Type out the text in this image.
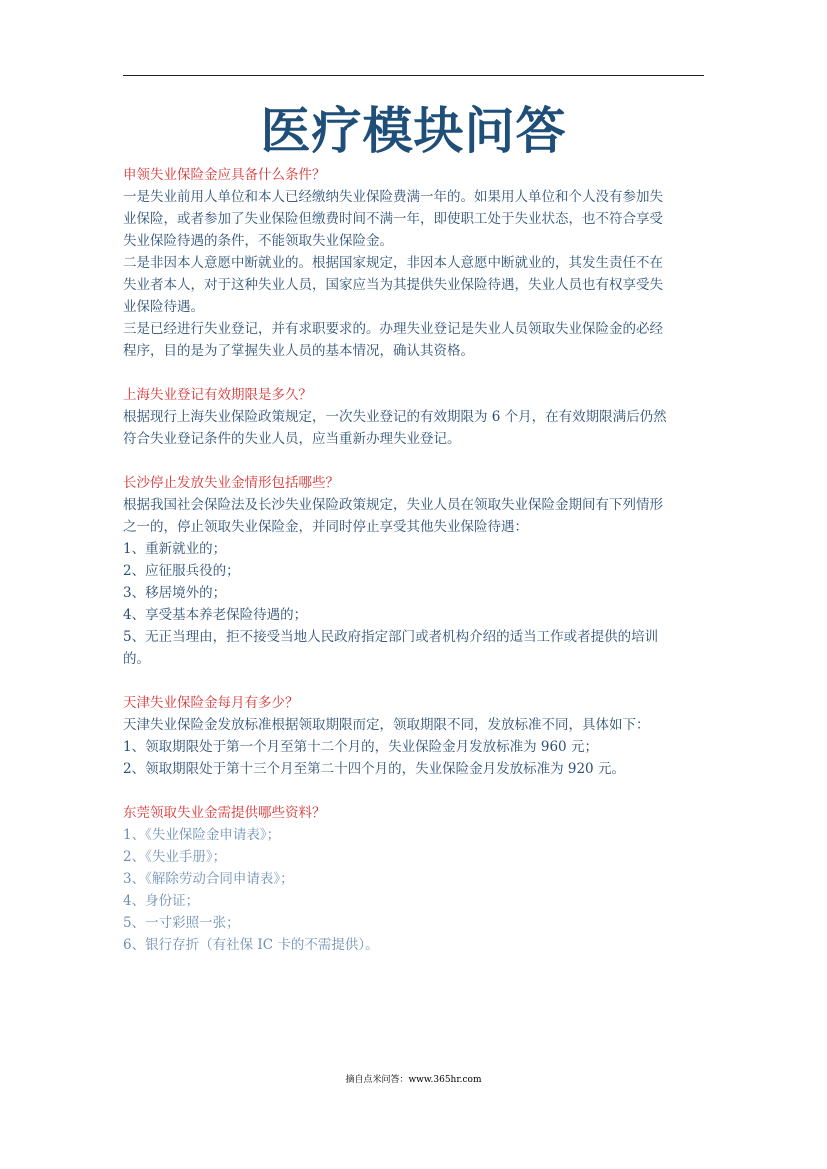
医疗模块问答
申领失业保险金应具备什么条件？
一是失业前用人单位和本人已经缴纳失业保险费满一年的。如果用人单位和个人没有参加失
业保险，或者参加了失业保险但缴费时间不满一年，即使职工处于失业状态，也不符合享受
失业保险待遇的条件，不能领取失业保险金。
二是非因本人意愿中断就业的。根据国家规定，非因本人意愿中断就业的，其发生责任不在
失业者本人，对于这种失业人员，国家应当为其提供失业保险待遇，失业人员也有权享受失
业保险待遇。
三是已经进行失业登记，并有求职要求的。办理失业登记是失业人员领取失业保险金的必经
程序，目的是为了掌握失业人员的基本情况，确认其资格。
上海失业登记有效期限是多久？
根据现行上海失业保险政策规定，一次失业登记的有效期限为 6 个月，在有效期限满后仍然
符合失业登记条件的失业人员，应当重新办理失业登记。
长沙停止发放失业金情形包括哪些？
根据我国社会保险法及长沙失业保险政策规定，失业人员在领取失业保险金期间有下列情形
之一的，停止领取失业保险金，并同时停止享受其他失业保险待遇：
1、重新就业的；
2、应征服兵役的；
3、移居境外的；
4、享受基本养老保险待遇的；
5、无正当理由，拒不接受当地人民政府指定部门或者机构介绍的适当工作或者提供的培训
的。
天津失业保险金每月有多少？
天津失业保险金发放标准根据领取期限而定，领取期限不同，发放标准不同，具体如下：
1、领取期限处于第一个月至第十二个月的，失业保险金月发放标准为 960 元；
2、领取期限处于第十三个月至第二十四个月的，失业保险金月发放标准为 920 元。
东莞领取失业金需提供哪些资料？
1、《失业保险金申请表》；
2、《失业手册》；
3、《解除劳动合同申请表》；
4、身份证；
5、一寸彩照一张；
6、银行存折（有社保 IC 卡的不需提供）。
摘自点米问答：www.365hr.com
